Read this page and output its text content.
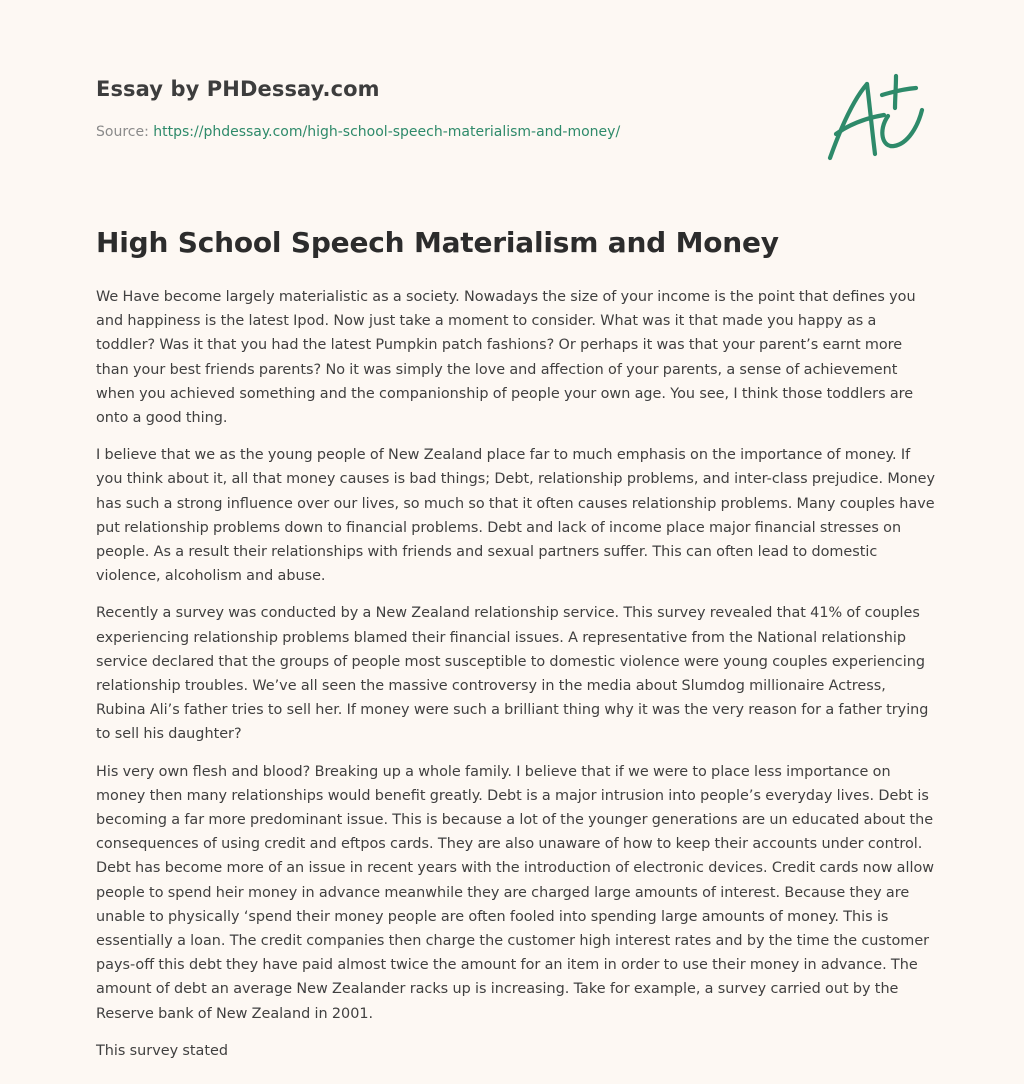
Essay by PHDessay.com
Source: https://phdessay.com/high-school-speech-materialism-and-money/
High School Speech Materialism and Money

We Have become largely materialistic as a society. Nowadays the size of your income is the point that defines you and happiness is the latest Ipod. Now just take a moment to consider. What was it that made you happy as a toddler? Was it that you had the latest Pumpkin patch fashions? Or perhaps it was that your parent’s earnt more than your best friends parents? No it was simply the love and affection of your parents, a sense of achievement when you achieved something and the companionship of people your own age. You see, I think those toddlers are onto a good thing.

I believe that we as the young people of New Zealand place far to much emphasis on the importance of money. If you think about it, all that money causes is bad things; Debt, relationship problems, and inter-class prejudice. Money has such a strong influence over our lives, so much so that it often causes relationship problems. Many couples have put relationship problems down to financial problems. Debt and lack of income place major financial stresses on people. As a result their relationships with friends and sexual partners suffer. This can often lead to domestic violence, alcoholism and abuse.

Recently a survey was conducted by a New Zealand relationship service. This survey revealed that 41% of couples experiencing relationship problems blamed their financial issues. A representative from the National relationship service declared that the groups of people most susceptible to domestic violence were young couples experiencing relationship troubles. We’ve all seen the massive controversy in the media about Slumdog millionaire Actress, Rubina Ali’s father tries to sell her. If money were such a brilliant thing why it was the very reason for a father trying to sell his daughter?

His very own flesh and blood? Breaking up a whole family. I believe that if we were to place less importance on money then many relationships would benefit greatly. Debt is a major intrusion into people’s everyday lives. Debt is becoming a far more predominant issue. This is because a lot of the younger generations are un educated about the consequences of using credit and eftpos cards. They are also unaware of how to keep their accounts under control. Debt has become more of an issue in recent years with the introduction of electronic devices. Credit cards now allow people to spend heir money in advance meanwhile they are charged large amounts of interest. Because they are unable to physically ‘spend their money people are often fooled into spending large amounts of money. This is essentially a loan. The credit companies then charge the customer high interest rates and by the time the customer pays-off this debt they have paid almost twice the amount for an item in order to use their money in advance. The amount of debt an average New Zealander racks up is increasing. Take for example, a survey carried out by the Reserve bank of New Zealand in 2001.

This survey stated
